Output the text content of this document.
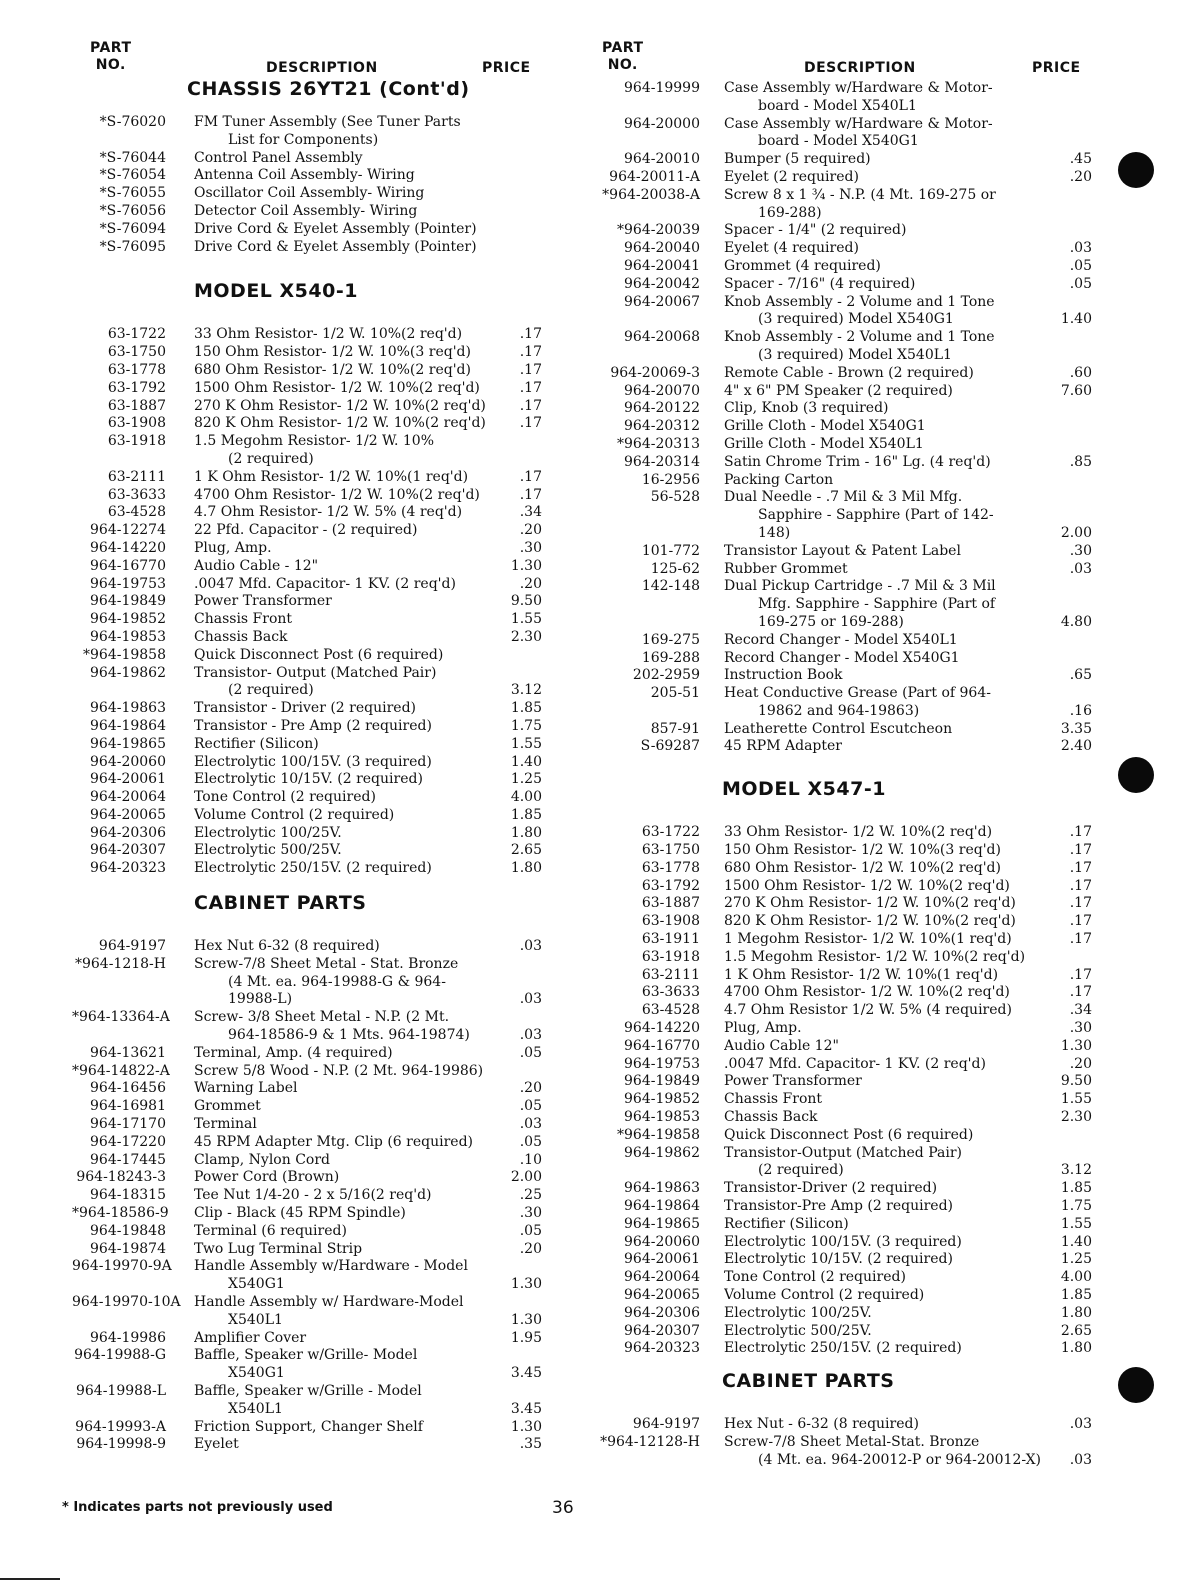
PART
NO.	DESCRIPTION	PRICE
CHASSIS 26YT21 (Cont'd)
*S-76020	FM Tuner Assembly (See Tuner Parts
List for Components)
*S-76044	Control Panel Assembly
*S-76054	Antenna Coil Assembly- Wiring
*S-76055	Oscillator Coil Assembly- Wiring
*S-76056	Detector Coil Assembly- Wiring
*S-76094	Drive Cord & Eyelet Assembly (Pointer)
*S-76095	Drive Cord & Eyelet Assembly (Pointer)
MODEL X540-1
63-1722	33 Ohm Resistor- 1/2 W. 10%(2 req'd)	.17
63-1750	150 Ohm Resistor- 1/2 W. 10%(3 req'd)	.17
63-1778	680 Ohm Resistor- 1/2 W. 10%(2 req'd)	.17
63-1792	1500 Ohm Resistor- 1/2 W. 10%(2 req'd)	.17
63-1887	270 K Ohm Resistor- 1/2 W. 10%(2 req'd)	.17
63-1908	820 K Ohm Resistor- 1/2 W. 10%(2 req'd)	.17
63-1918	1.5 Megohm Resistor- 1/2 W. 10%
(2 required)
63-2111	1 K Ohm Resistor- 1/2 W. 10%(1 req'd)	.17
63-3633	4700 Ohm Resistor- 1/2 W. 10%(2 req'd)	.17
63-4528	4.7 Ohm Resistor- 1/2 W. 5% (4 req'd)	.34
964-12274	22 Pfd. Capacitor - (2 required)	.20
964-14220	Plug, Amp.	.30
964-16770	Audio Cable - 12"	1.30
964-19753	.0047 Mfd. Capacitor- 1 KV. (2 req'd)	.20
964-19849	Power Transformer	9.50
964-19852	Chassis Front	1.55
964-19853	Chassis Back	2.30
*964-19858	Quick Disconnect Post (6 required)
964-19862	Transistor- Output (Matched Pair)
(2 required)	3.12
964-19863	Transistor - Driver (2 required)	1.85
964-19864	Transistor - Pre Amp (2 required)	1.75
964-19865	Rectifier (Silicon)	1.55
964-20060	Electrolytic 100/15V. (3 required)	1.40
964-20061	Electrolytic 10/15V. (2 required)	1.25
964-20064	Tone Control (2 required)	4.00
964-20065	Volume Control (2 required)	1.85
964-20306	Electrolytic 100/25V.	1.80
964-20307	Electrolytic 500/25V.	2.65
964-20323	Electrolytic 250/15V. (2 required)	1.80
CABINET PARTS
964-9197	Hex Nut 6-32 (8 required)	.03
*964-1218-H	Screw-7/8 Sheet Metal - Stat. Bronze
(4 Mt. ea. 964-19988-G & 964-
19988-L)	.03
*964-13364-A	Screw- 3/8 Sheet Metal - N.P. (2 Mt.
964-18586-9 & 1 Mts. 964-19874)	.03
964-13621	Terminal, Amp. (4 required)	.05
*964-14822-A	Screw 5/8 Wood - N.P. (2 Mt. 964-19986)
964-16456	Warning Label	.20
964-16981	Grommet	.05
964-17170	Terminal	.03
964-17220	45 RPM Adapter Mtg. Clip (6 required)	.05
964-17445	Clamp, Nylon Cord	.10
964-18243-3	Power Cord (Brown)	2.00
964-18315	Tee Nut 1/4-20 - 2 x 5/16(2 req'd)	.25
*964-18586-9	Clip - Black (45 RPM Spindle)	.30
964-19848	Terminal (6 required)	.05
964-19874	Two Lug Terminal Strip	.20
964-19970-9A	Handle Assembly w/Hardware - Model
X540G1	1.30
964-19970-10A Handle Assembly w/ Hardware-Model
X540L1	1.30
964-19986	Amplifier Cover	1.95
964-19988-G	Baffle, Speaker w/Grille- Model
X540G1	3.45
964-19988-L	Baffle, Speaker w/Grille - Model
X540L1	3.45
964-19993-A	Friction Support, Changer Shelf	1.30
964-19998-9	Eyelet	.35
PART
NO.	DESCRIPTION	PRICE
964-19999	Case Assembly w/Hardware & Motor-
board - Model X540L1
964-20000	Case Assembly w/Hardware & Motor-
board - Model X540G1
964-20010	Bumper (5 required)	.45
964-20011-A	Eyelet (2 required)	.20
*964-20038-A	Screw 8 x 1 ¾ - N.P. (4 Mt. 169-275 or
169-288)
*964-20039	Spacer - 1/4" (2 required)
964-20040	Eyelet (4 required)	.03
964-20041	Grommet (4 required)	.05
964-20042	Spacer - 7/16" (4 required)	.05
964-20067	Knob Assembly - 2 Volume and 1 Tone
(3 required) Model X540G1	1.40
964-20068	Knob Assembly - 2 Volume and 1 Tone
(3 required) Model X540L1
964-20069-3	Remote Cable - Brown (2 required)	.60
964-20070	4" x 6" PM Speaker (2 required)	7.60
964-20122	Clip, Knob (3 required)
964-20312	Grille Cloth - Model X540G1
*964-20313	Grille Cloth - Model X540L1
964-20314	Satin Chrome Trim - 16" Lg. (4 req'd)	.85
16-2956	Packing Carton
56-528	Dual Needle - .7 Mil & 3 Mil Mfg.
Sapphire - Sapphire (Part of 142-
148)	2.00
101-772	Transistor Layout & Patent Label	.30
125-62	Rubber Grommet	.03
142-148	Dual Pickup Cartridge - .7 Mil & 3 Mil
Mfg. Sapphire - Sapphire (Part of
169-275 or 169-288)	4.80
169-275	Record Changer - Model X540L1
169-288	Record Changer - Model X540G1
202-2959	Instruction Book	.65
205-51	Heat Conductive Grease (Part of 964-
19862 and 964-19863)	.16
857-91	Leatherette Control Escutcheon	3.35
S-69287	45 RPM Adapter	2.40
MODEL X547-1
63-1722	33 Ohm Resistor- 1/2 W. 10%(2 req'd)	.17
63-1750	150 Ohm Resistor- 1/2 W. 10%(3 req'd)	.17
63-1778	680 Ohm Resistor- 1/2 W. 10%(2 req'd)	.17
63-1792	1500 Ohm Resistor- 1/2 W. 10%(2 req'd)	.17
63-1887	270 K Ohm Resistor- 1/2 W. 10%(2 req'd)	.17
63-1908	820 K Ohm Resistor- 1/2 W. 10%(2 req'd)	.17
63-1911	1 Megohm Resistor- 1/2 W. 10%(1 req'd)	.17
63-1918	1.5 Megohm Resistor- 1/2 W. 10%(2 req'd)
63-2111	1 K Ohm Resistor- 1/2 W. 10%(1 req'd)	.17
63-3633	4700 Ohm Resistor- 1/2 W. 10%(2 req'd)	.17
63-4528	4.7 Ohm Resistor 1/2 W. 5% (4 required)	.34
964-14220	Plug, Amp.	.30
964-16770	Audio Cable 12"	1.30
964-19753	.0047 Mfd. Capacitor- 1 KV. (2 req'd)	.20
964-19849	Power Transformer	9.50
964-19852	Chassis Front	1.55
964-19853	Chassis Back	2.30
*964-19858	Quick Disconnect Post (6 required)
964-19862	Transistor-Output (Matched Pair)
(2 required)	3.12
964-19863	Transistor-Driver (2 required)	1.85
964-19864	Transistor-Pre Amp (2 required)	1.75
964-19865	Rectifier (Silicon)	1.55
964-20060	Electrolytic 100/15V. (3 required)	1.40
964-20061	Electrolytic 10/15V. (2 required)	1.25
964-20064	Tone Control (2 required)	4.00
964-20065	Volume Control (2 required)	1.85
964-20306	Electrolytic 100/25V.	1.80
964-20307	Electrolytic 500/25V.	2.65
964-20323	Electrolytic 250/15V. (2 required)	1.80
CABINET PARTS
964-9197	Hex Nut - 6-32 (8 required)	.03
*964-12128-H	Screw-7/8 Sheet Metal-Stat. Bronze
(4 Mt. ea. 964-20012-P or 964-20012-X)	.03
* Indicates parts not previously used	36
